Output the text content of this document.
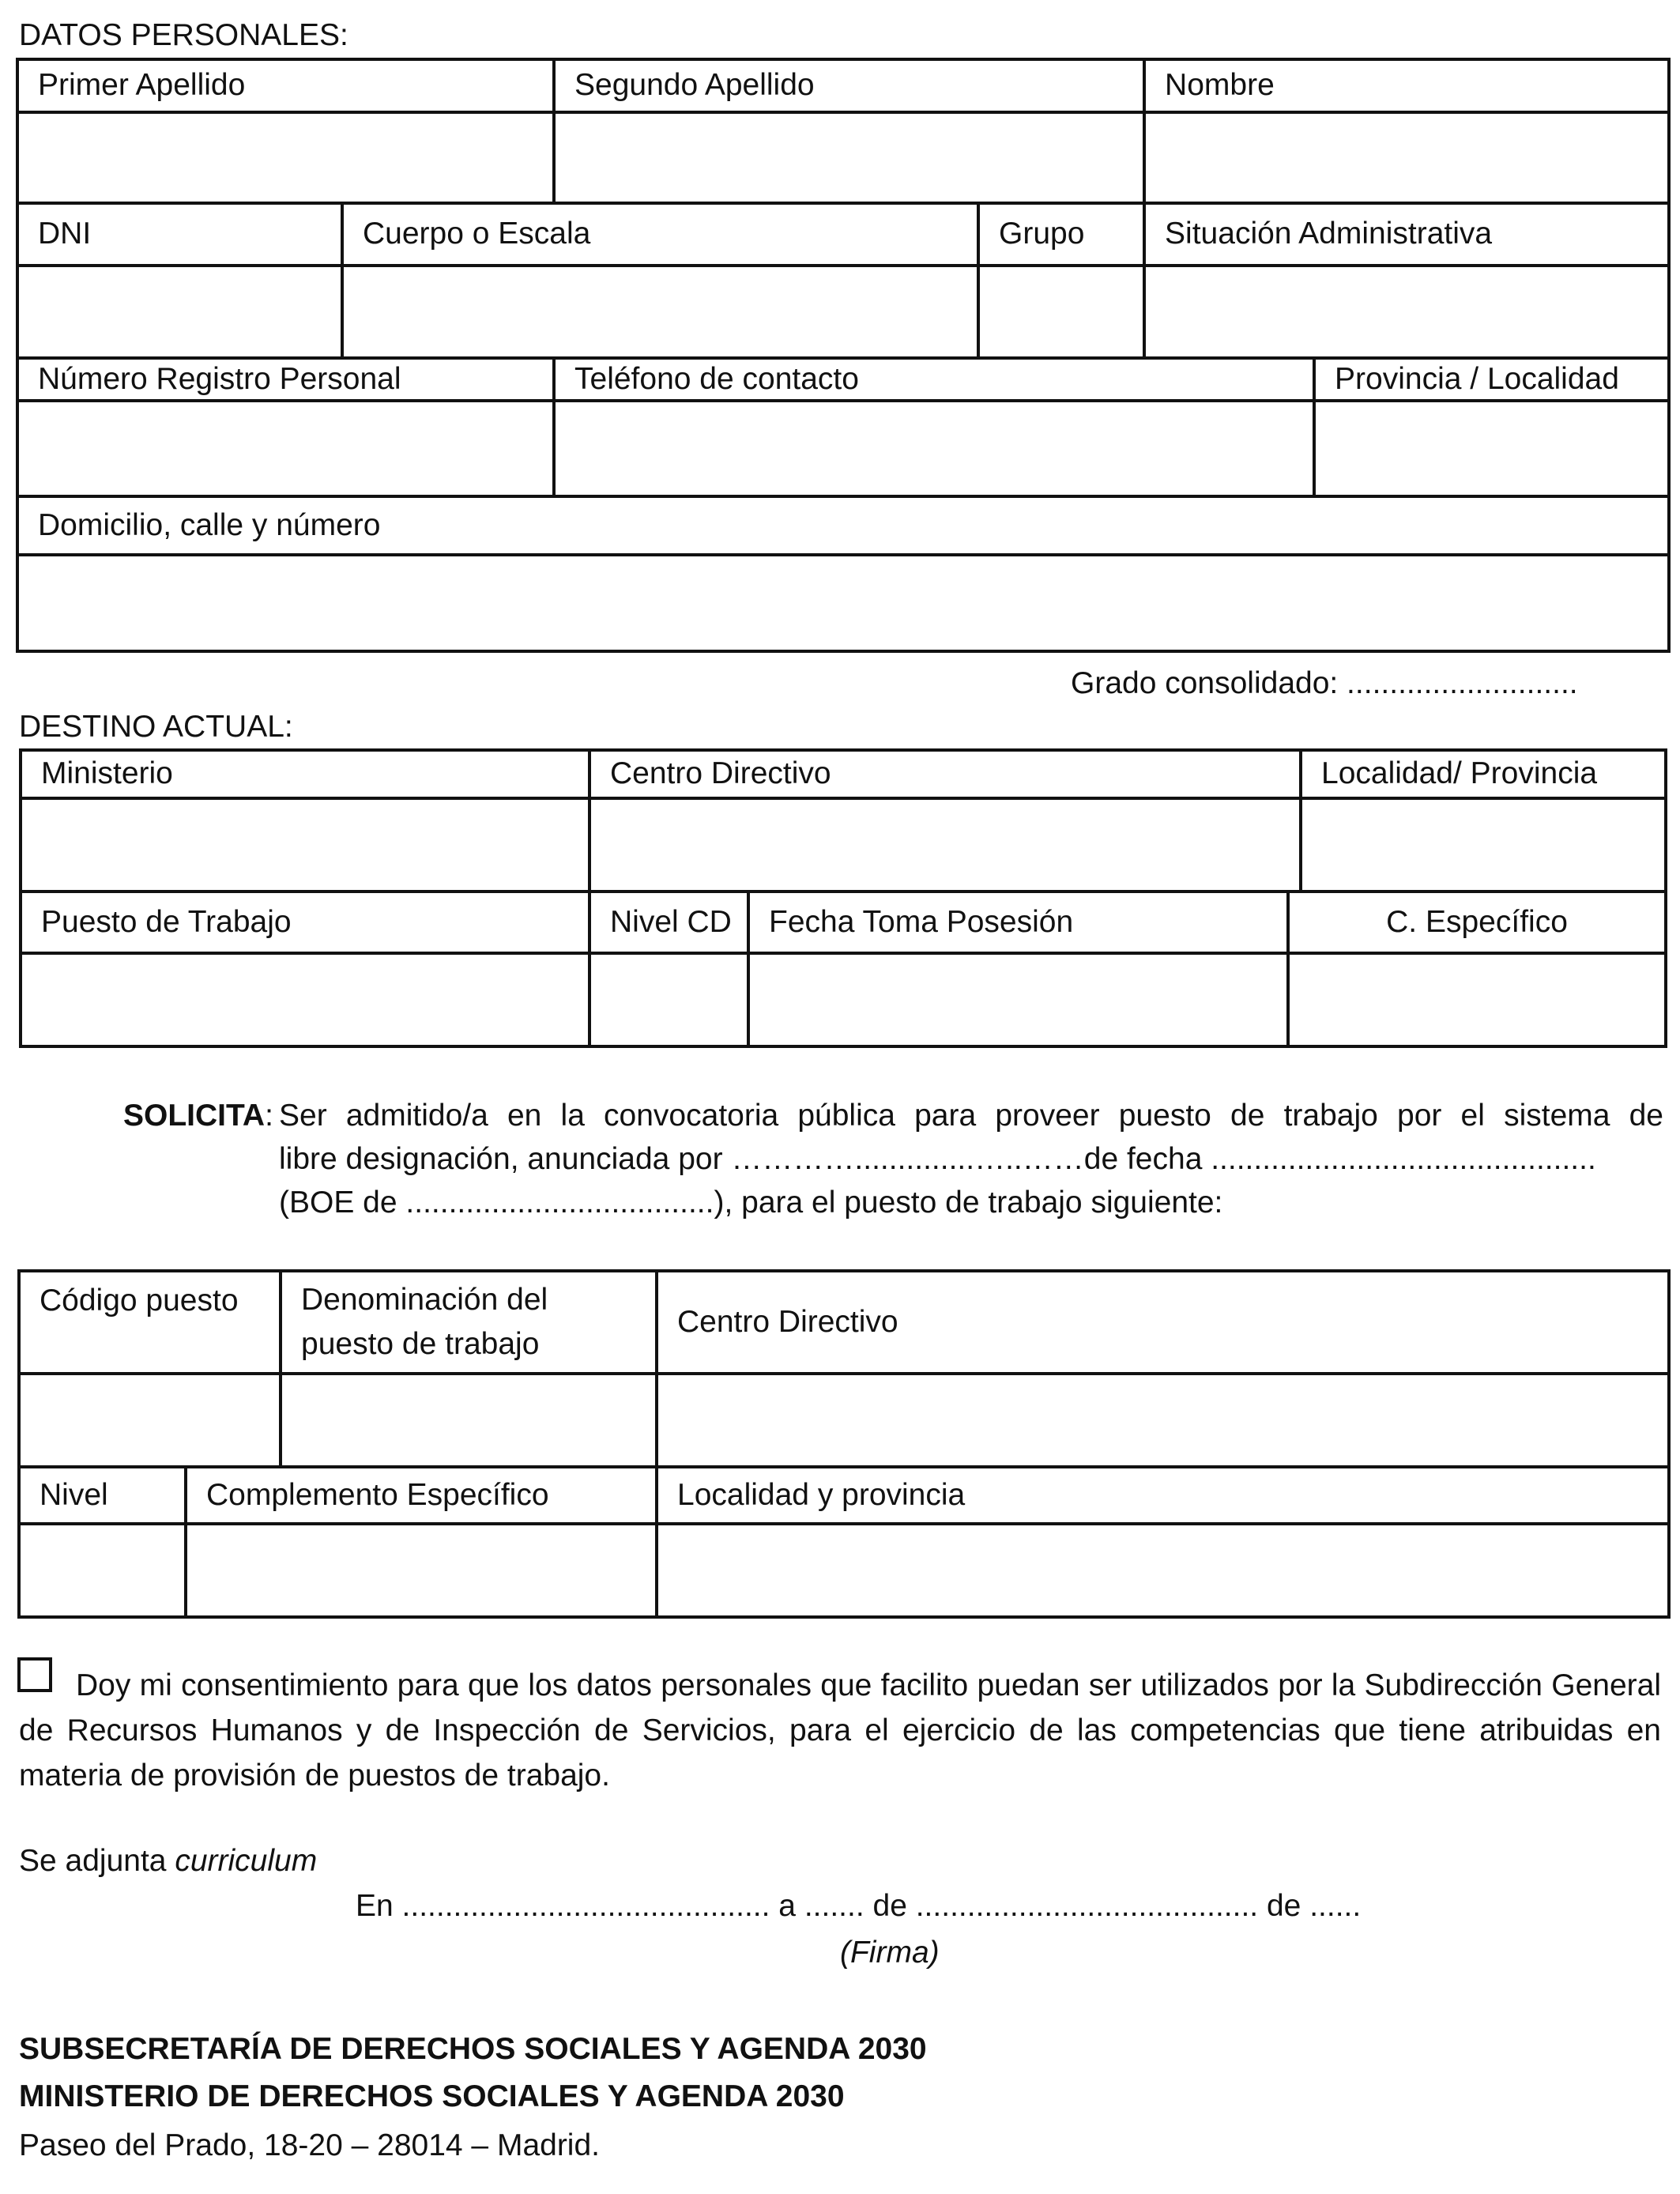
DATOS PERSONALES:
Primer Apellido		Segundo Apellido		Nombre	

DNI	Cuerpo o Escala		Grupo	Situación Administrativa	

Número Registro Personal		Teléfono de contacto			Provincia / Localidad

Domicilio, calle y número					

Grado consolidado: ...........................
DESTINO ACTUAL:
Ministerio	Centro Directivo			Localidad/ Provincia

Puesto de Trabajo	Nivel CD	Fecha Toma Posesión	C. Específico	

SOLICITA: Ser admitido/a en la convocatoria pública para proveer puesto de trabajo por el sistema de
libre designación, anunciada por …………..............…..……de fecha .............................................
(BOE de ....................................), para el puesto de trabajo siguiente:
Código puesto		Denominación del puesto de trabajo	Centro Directivo

Nivel	Complemento Específico		Localidad y provincia

Doy mi consentimiento para que los datos personales que facilito puedan ser utilizados por la Subdirección General de Recursos Humanos y de Inspección de Servicios, para el ejercicio de las competencias que tiene atribuidas en materia de provisión de puestos de trabajo.
Se adjunta curriculum
En ........................................... a ....... de ........................................ de ......
(Firma)
SUBSECRETARÍA DE DERECHOS SOCIALES Y AGENDA 2030
MINISTERIO DE DERECHOS SOCIALES Y AGENDA 2030
Paseo del Prado, 18-20 – 28014 – Madrid.
